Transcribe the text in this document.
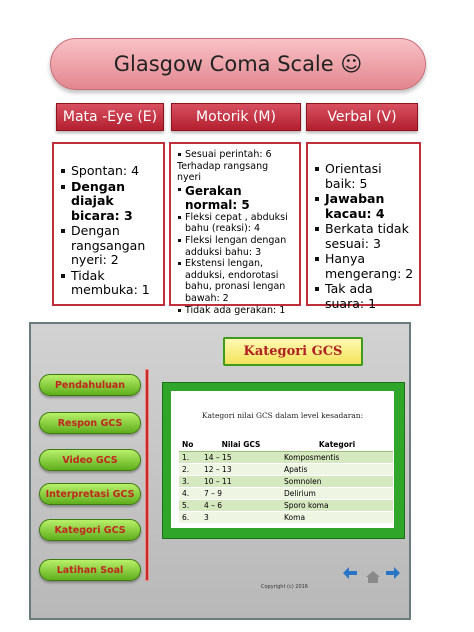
Glasgow Coma Scale ☺
Mata -Eye (E)	Motorik (M)	Verbal (V)
Spontan: 4
Dengan diajak bicara: 3
Dengan rangsangan nyeri: 2
Tidak membuka: 1
Sesuai perintah: 6
Terhadap rangsang nyeri
Gerakan normal: 5
Fleksi cepat , abduksi bahu (reaksi): 4
Fleksi lengan dengan adduksi bahu: 3
Ekstensi lengan, adduksi, endorotasi bahu, pronasi lengan bawah: 2
Tidak ada gerakan: 1
Orientasi baik: 5
Jawaban kacau: 4
Berkata tidak sesuai: 3
Hanya mengerang: 2
Tak ada suara: 1
Pendahuluan
Respon GCS
Video GCS
Interpretasi GCS
Kategori GCS
Latihan Soal
Kategori GCS
Kategori nilai GCS dalam level kesadaran:
No	Nilai GCS	Kategori
1.	14 – 15	Komposmentis
2.	12 – 13	Apatis
3.	10 – 11	Somnolen
4.	7 – 9	Delirium
5.	4 – 6	Sporo koma
6.	3	Koma
Copyright (c) 2016
